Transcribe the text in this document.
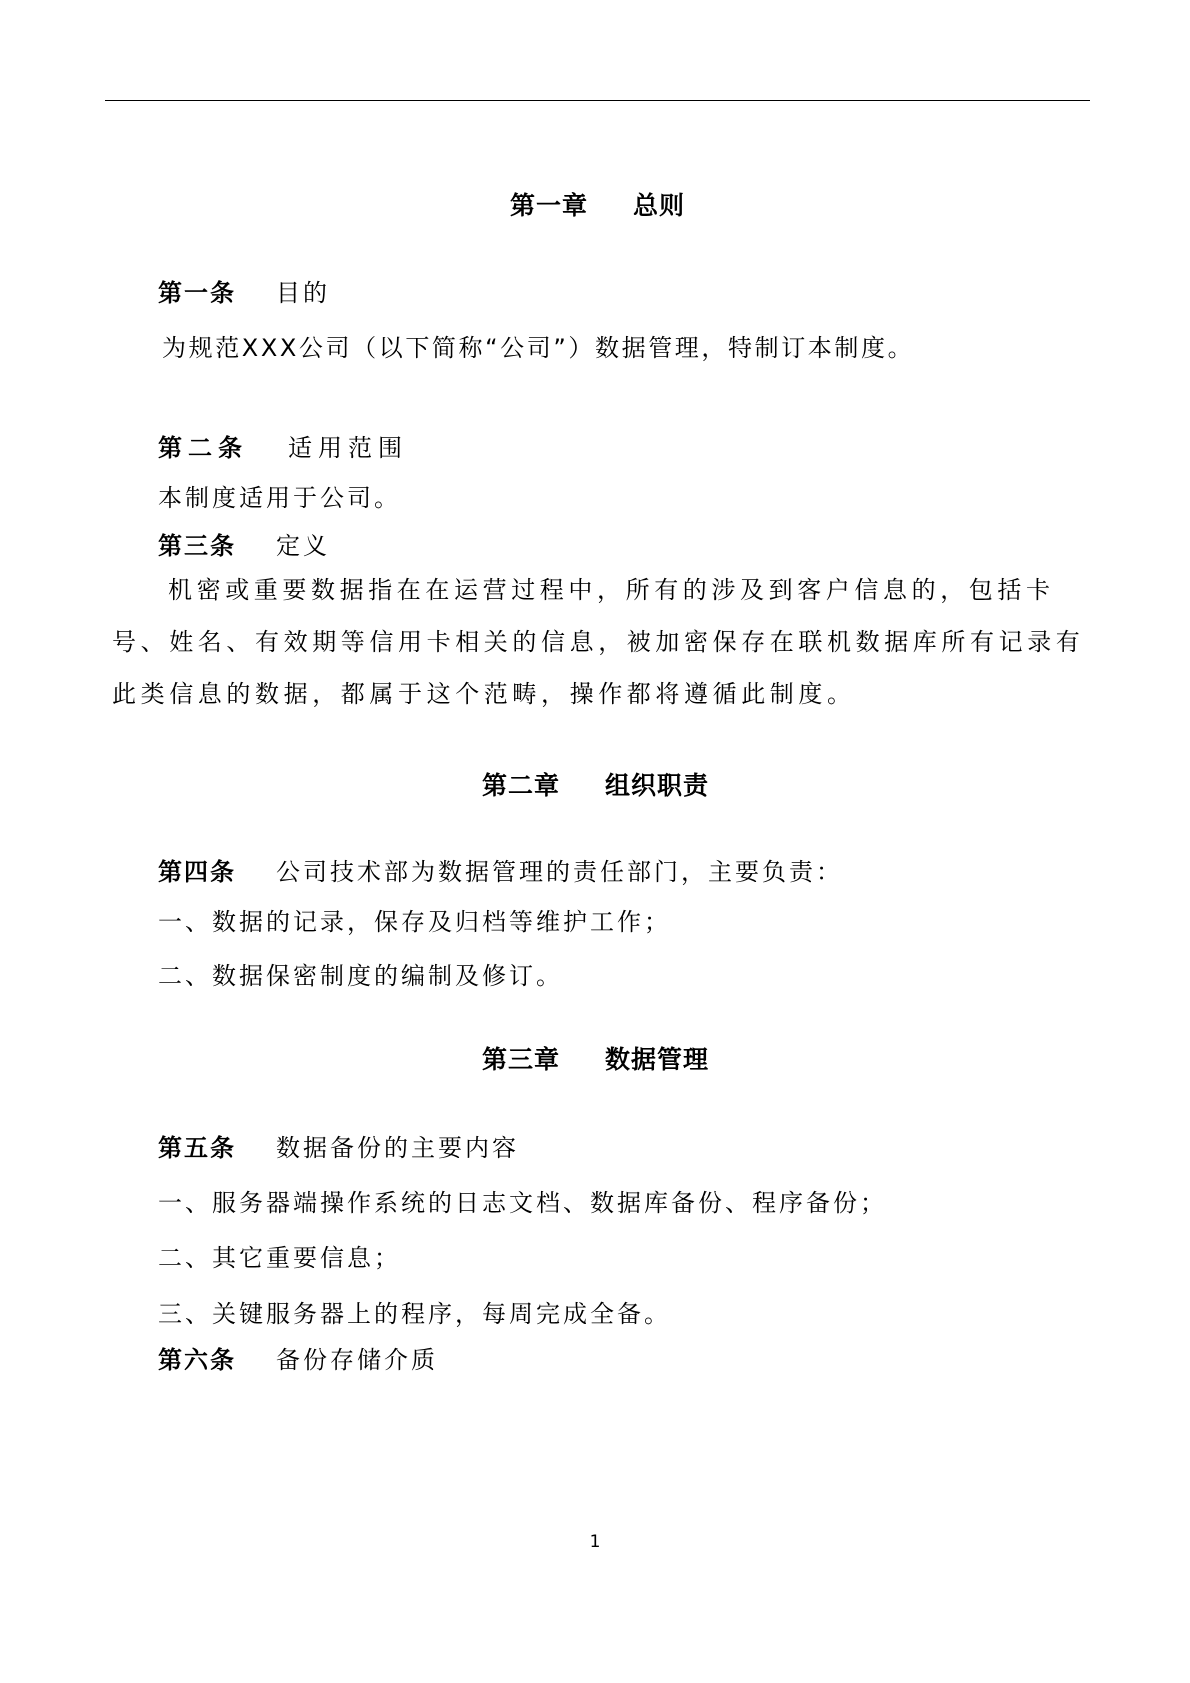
第一章 总则
第一条 目的
为规范XXX公司（以下简称“公司”）数据管理，特制订本制度。
第二条 适用范围
本制度适用于公司。
第三条 定义

机密或重要数据指在在运营过程中，所有的涉及到客户信息的，包括卡号、姓名、有效期等信用卡相关的信息，被加密保存在联机数据库所有记录有此类信息的数据，都属于这个范畴，操作都将遵循此制度。

第二章 组织职责
第四条 公司技术部为数据管理的责任部门，主要负责：
一、数据的记录，保存及归档等维护工作；
二、数据保密制度的编制及修订。
第三章 数据管理
第五条 数据备份的主要内容
一、服务器端操作系统的日志文档、数据库备份、程序备份；
二、其它重要信息；
三、关键服务器上的程序，每周完成全备。
第六条 备份存储介质
1
